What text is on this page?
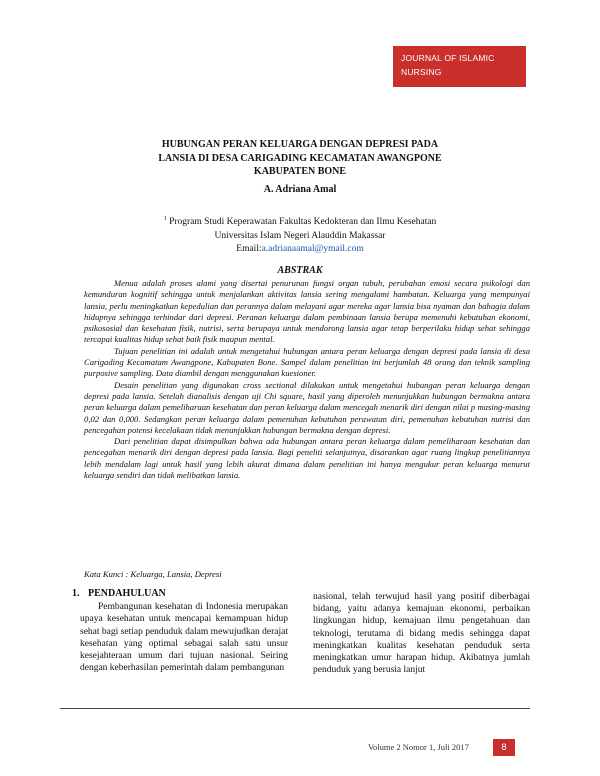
JOURNAL OF ISLAMIC
NURSING
HUBUNGAN PERAN KELUARGA DENGAN DEPRESI PADA
LANSIA DI DESA CARIGADING KECAMATAN AWANGPONE
KABUPATEN BONE
A. Adriana Amal
$^1$ Program Studi Keperawatan Fakultas Kedokteran dan Ilmu Kesehatan
Universitas Islam Negeri Alauddin Makassar
Email:a.adrianaamal@ymail.com
ABSTRAK

Menua adalah proses alami yang disertai penurunan fungsi organ tubuh, perubahan emosi secara psikologi dan kemunduran kognitif sehingga untuk menjalankan aktivitas lansia sering mengalami hambatan. Keluarga yang mempunyai lansia, perlu meningkatkan kepedulian dan perannya dalam melayani agar mereka agar lansia bisa nyaman dan bahagia dalam hidupnya sehingga terhindar dari depresi. Peranan keluarga dalam pembinaan lansia berupa memenuhi kebutuhan ekonomi, psikososial dan kesehatan fisik, nutrisi, serta berupaya untuk mendorong lansia agar tetap berperilaku hidup sehat sehingga tercapai kualitas hidup sehat baik fisik maupun mental.

Tujuan penelitian ini adalah untuk mengetahui hubungan antara peran keluarga dengan depresi pada lansia di desa Carigading Kecamatam Awangpone, Kabupaten Bone. Sampel dalam penelitian ini berjumlah 48 orang dan teknik sampling purposive sampling. Data diambil dengan menggunakan kuesioner.

Desain penelitian yang digunakan cross sectional dilakukan untuk mengetahui hubungan peran keluarga dengan depresi pada lansia. Setelah dianalisis dengan uji Chi square, hasil yang diperoleh menunjukkan hubungan bermakna antara peran keluarga dalam pemeliharaan kesehatan dan peran keluarga dalam mencegah menarik diri dengan nilai p masing-masing 0,02 dan 0,000. Sedangkan peran keluarga dalam pemenuhan kebutuhan perawatan diri, pemenuhan kebutuhan nutrisi dan pencegahan potensi kecelakaan tidak menunjukkan hubungan bermakna dengan depresi.

Dari penelitian dapat disimpulkan bahwa ada hubungan antara peran keluarga dalam pemeliharaan kesehatan dan pencegahan menarik diri dengan depresi pada lansia. Bagi peneliti selanjutnya, disarankan agar ruang lingkup penelitiannya lebih mendalam lagi untuk hasil yang lebih akurat dimana dalam penelitian ini hanya mengukur peran keluarga menurut keluarga sendiri dan tidak melibatkan lansia.

Kata Kunci : Keluarga, Lansia, Depresi
1. PENDAHULUAN

Pembangunan kesehatan di Indonesia merupakan upaya kesehatan untuk mencapai kemampuan hidup sehat bagi setiap penduduk dalam mewujudkan derajat kesehatan yang optimal sebagai salah satu unsur kesejahteraan umum dari tujuan nasional. Seiring dengan keberhasilan pemerintah dalam pembangunan

nasional, telah terwujud hasil yang positif diberbagai bidang, yaitu adanya kemajuan ekonomi, perbaikan lingkungan hidup, kemajuan ilmu pengetahuan dan teknologi, terutama di bidang medis sehingga dapat meningkatkan kualitas kesehatan penduduk serta meningkatkan umur harapan hidup. Akibatnya jumlah penduduk yang berusia lanjut

Volume 2 Nomor 1, Juli 2017	8
